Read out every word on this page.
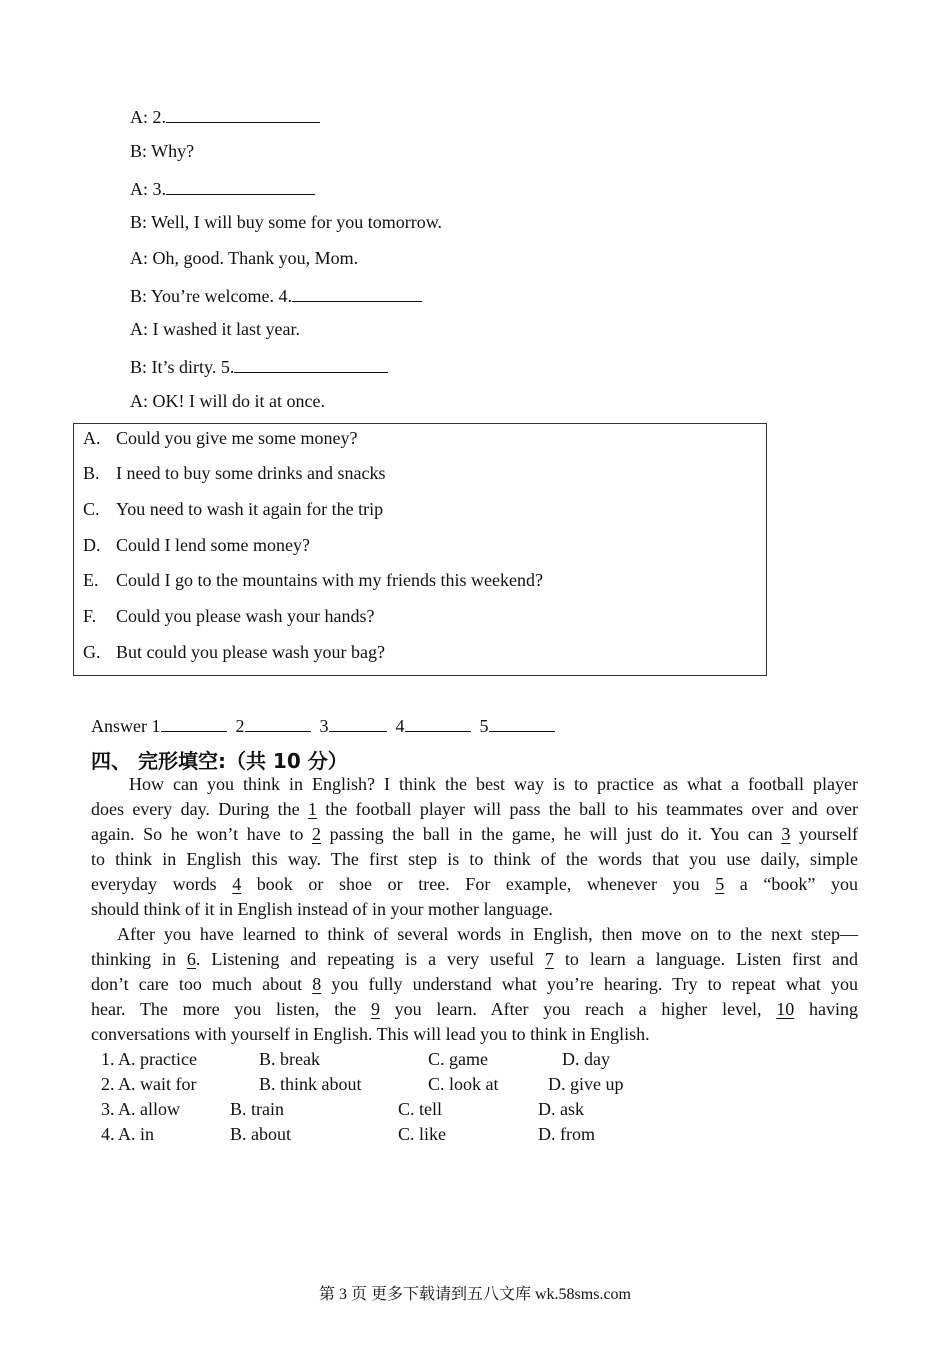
A: 2.
B: Why?
A: 3.
B: Well, I will buy some for you tomorrow.
A: Oh, good. Thank you, Mom.
B: You’re welcome. 4.
A: I washed it last year.
B: It’s dirty. 5.
A: OK! I will do it at once.
A. Could you give me some money?
B. I need to buy some drinks and snacks
C. You need to wash it again for the trip
D. Could I lend some money?
E. Could I go to the mountains with my friends this weekend?
F. Could you please wash your hands?
G. But could you please wash your bag?
Answer 1	2	3	4	5
四、 完形填空:（共 10 分）
How can you think in English? I think the best way is to practice as what a football player
does every day. During the 1 the football player will pass the ball to his teammates over and over
again. So he won’t have to 2 passing the ball in the game, he will just do it. You can 3 yourself
to think in English this way. The first step is to think of the words that you use daily, simple
everyday words 4 book or shoe or tree. For example, whenever you 5 a “book” you
should think of it in English instead of in your mother language.
After you have learned to think of several words in English, then move on to the next step—
thinking in 6. Listening and repeating is a very useful 7 to learn a language. Listen first and
don’t care too much about 8 you fully understand what you’re hearing. Try to repeat what you
hear. The more you listen, the 9 you learn. After you reach a higher level, 10 having
conversations with yourself in English. This will lead you to think in English.
1. A. practice	B. break	C. game	D. day
2. A. wait for	B. think about	C. look at	D. give up
3. A. allow	B. train	C. tell	D. ask
4. A. in	B. about	C. like	D. from
第 3 页 更多下载请到五八文库 wk.58sms.com
